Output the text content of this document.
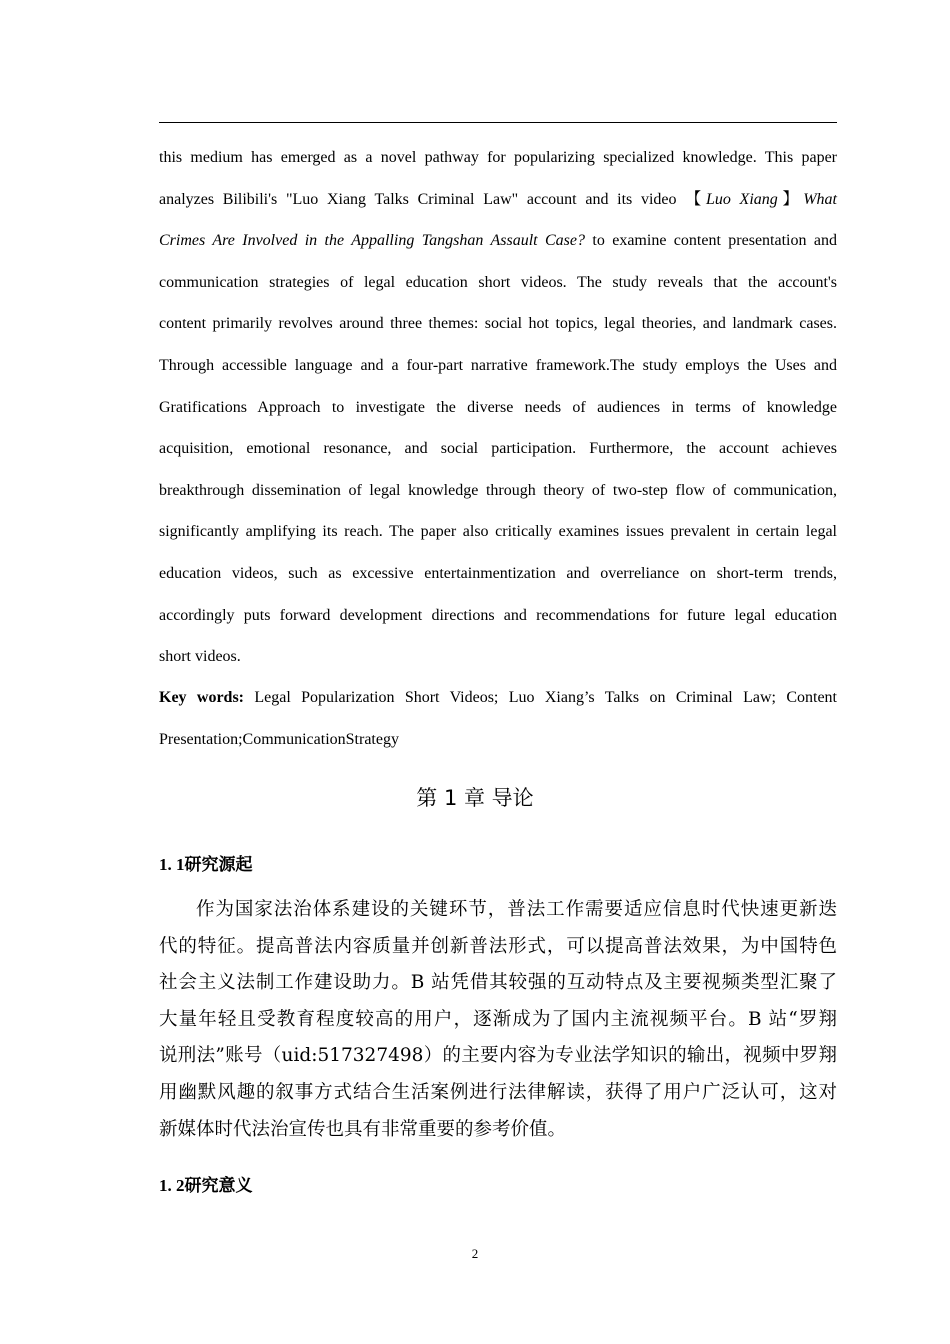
this medium has emerged as a novel pathway for popularizing specialized knowledge. This paper
analyzes Bilibili's "Luo Xiang Talks Criminal Law" account and its video 【Luo Xiang】What
Crimes Are Involved in the Appalling Tangshan Assault Case? to examine content presentation and
communication strategies of legal education short videos. The study reveals that the account's
content primarily revolves around three themes: social hot topics, legal theories, and landmark cases.
Through accessible language and a four-part narrative framework.The study employs the Uses and
Gratifications Approach to investigate the diverse needs of audiences in terms of knowledge
acquisition, emotional resonance, and social participation. Furthermore, the account achieves
breakthrough dissemination of legal knowledge through theory of two-step flow of communication,
significantly amplifying its reach. The paper also critically examines issues prevalent in certain legal
education videos, such as excessive entertainmentization and overreliance on short-term trends,
accordingly puts forward development directions and recommendations for future legal education
short videos.
Key words: Legal Popularization Short Videos; Luo Xiang’s Talks on Criminal Law; Content
Presentation;CommunicationStrategy
第 1 章 导论
1. 1研究源起
作为国家法治体系建设的关键环节，普法工作需要适应信息时代快速更新迭
代的特征。提高普法内容质量并创新普法形式，可以提高普法效果，为中国特色
社会主义法制工作建设助力。B 站凭借其较强的互动特点及主要视频类型汇聚了
大量年轻且受教育程度较高的用户，逐渐成为了国内主流视频平台。B 站“罗翔
说刑法”账号（uid:517327498）的主要内容为专业法学知识的输出，视频中罗翔
用幽默风趣的叙事方式结合生活案例进行法律解读，获得了用户广泛认可，这对
新媒体时代法治宣传也具有非常重要的参考价值。
1. 2研究意义
2
